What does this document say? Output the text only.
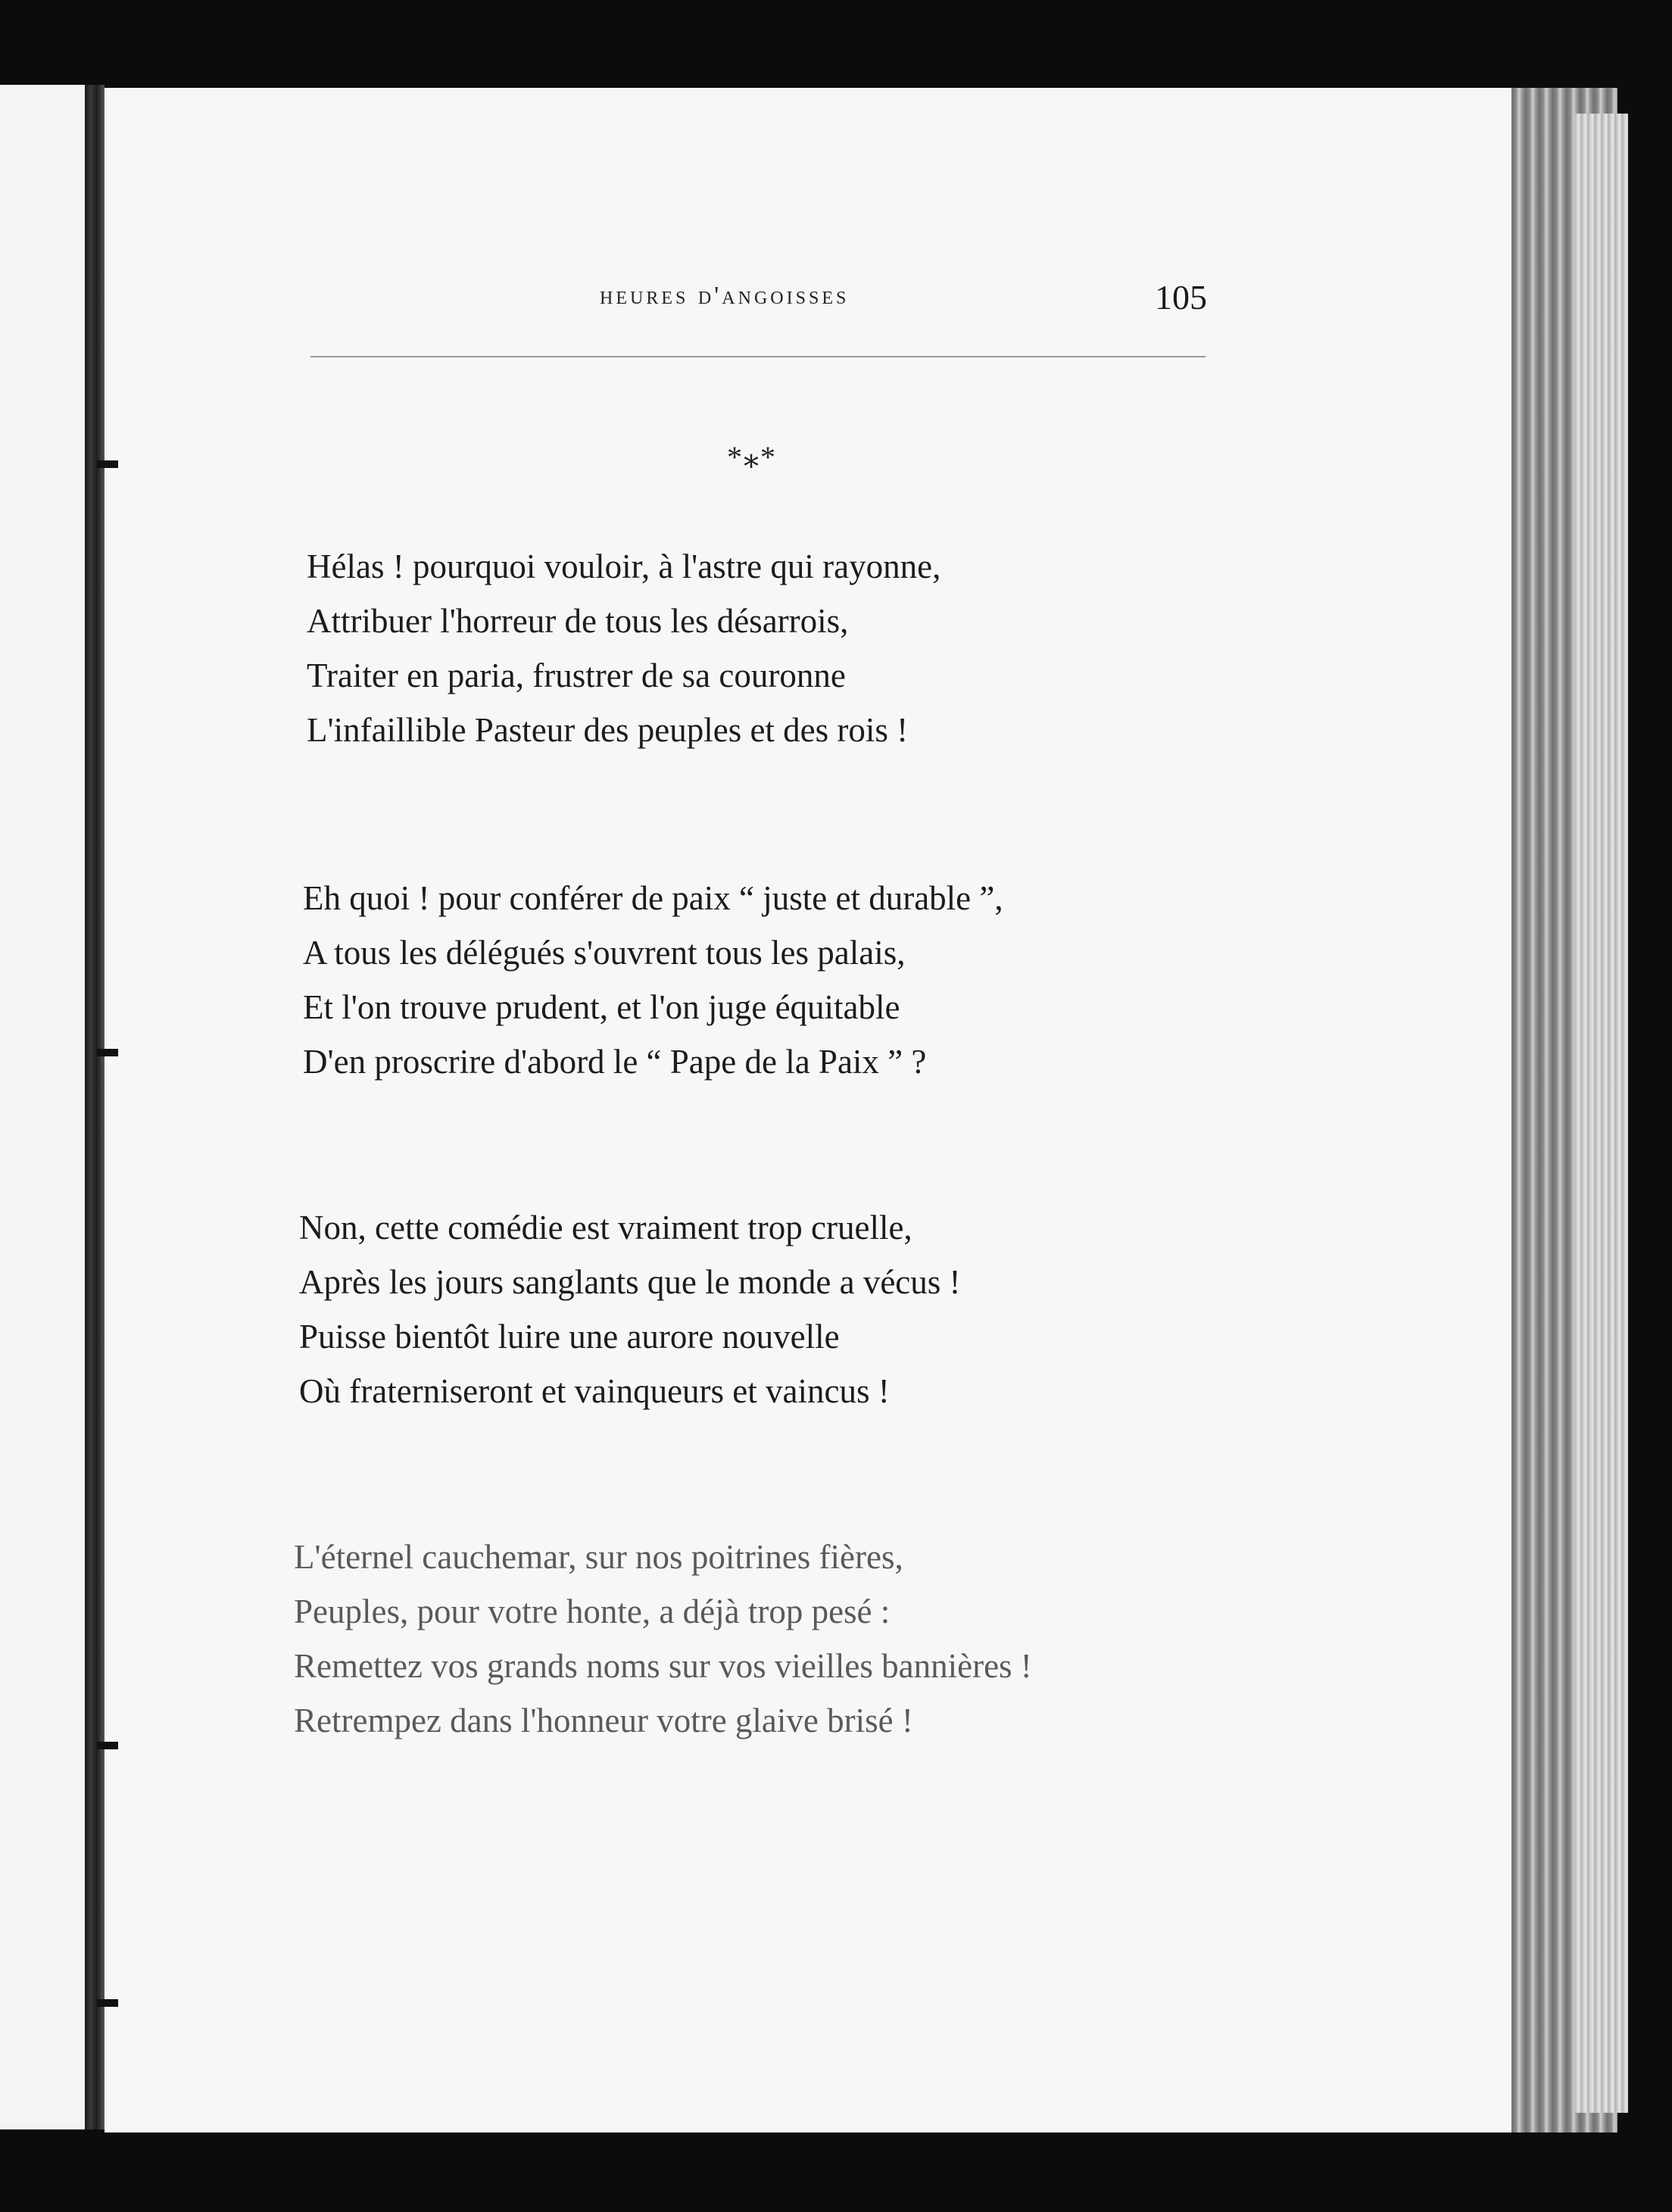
heures d'angoisses	105
*⁎*
Hélas ! pourquoi vouloir, à l'astre qui rayonne,
Attribuer l'horreur de tous les désarrois,
Traiter en paria, frustrer de sa couronne
L'infaillible Pasteur des peuples et des rois !
Eh quoi ! pour conférer de paix “ juste et durable ”,
A tous les délégués s'ouvrent tous les palais,
Et l'on trouve prudent, et l'on juge équitable
D'en proscrire d'abord le “ Pape de la Paix ” ?
Non, cette comédie est vraiment trop cruelle,
Après les jours sanglants que le monde a vécus !
Puisse bientôt luire une aurore nouvelle
Où fraterniseront et vainqueurs et vaincus !
L'éternel cauchemar, sur nos poitrines fières,
Peuples, pour votre honte, a déjà trop pesé :
Remettez vos grands noms sur vos vieilles bannières !
Retrempez dans l'honneur votre glaive brisé !
